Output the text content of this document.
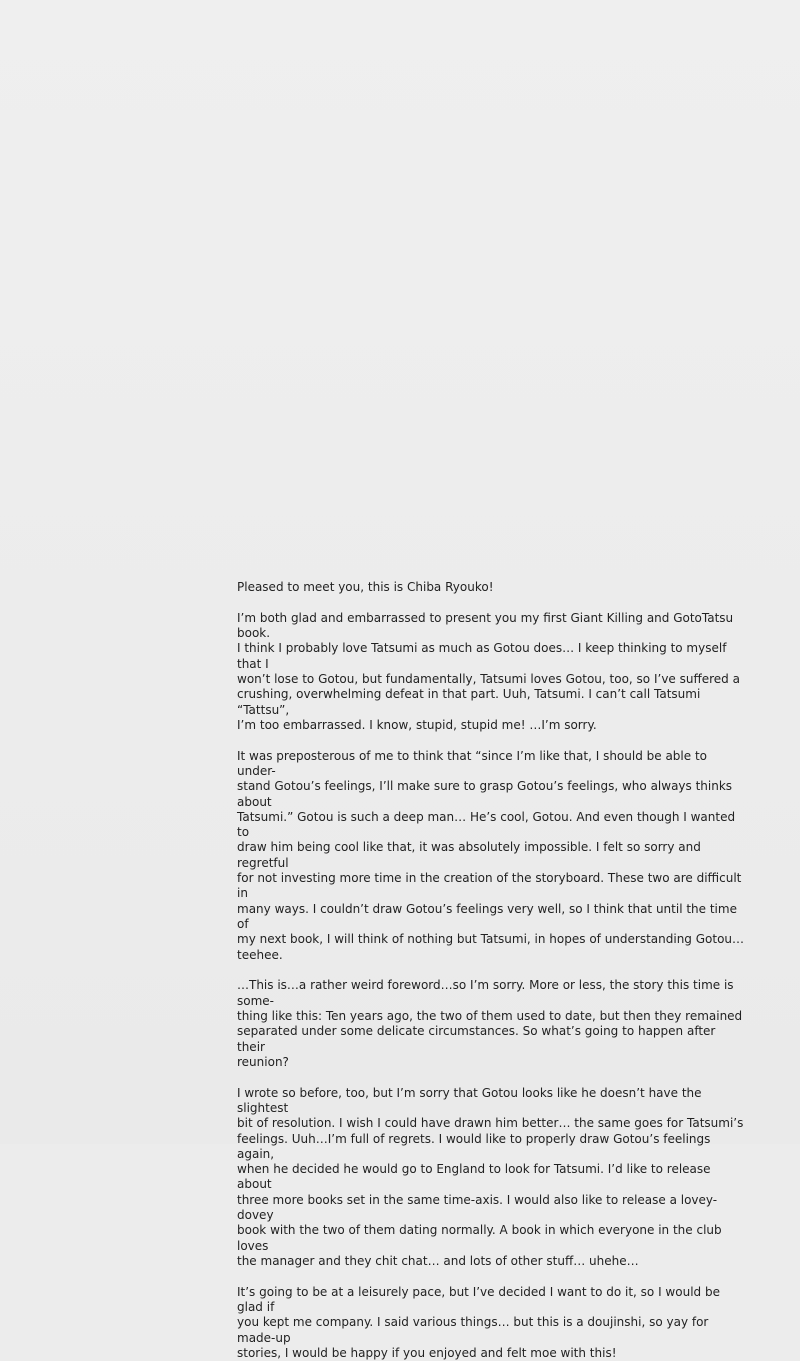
Pleased to meet you, this is Chiba Ryouko!

I’m both glad and embarrassed to present you my first Giant Killing and GotoTatsu book.
I think I probably love Tatsumi as much as Gotou does… I keep thinking to myself that I
won’t lose to Gotou, but fundamentally, Tatsumi loves Gotou, too, so I’ve suffered a
crushing, overwhelming defeat in that part. Uuh, Tatsumi. I can’t call Tatsumi “Tattsu”,
I’m too embarrassed. I know, stupid, stupid me! …I’m sorry.

It was preposterous of me to think that “since I’m like that, I should be able to under-
stand Gotou’s feelings, I’ll make sure to grasp Gotou’s feelings, who always thinks about
Tatsumi.” Gotou is such a deep man… He’s cool, Gotou. And even though I wanted to
draw him being cool like that, it was absolutely impossible. I felt so sorry and regretful
for not investing more time in the creation of the storyboard. These two are difficult in
many ways. I couldn’t draw Gotou’s feelings very well, so I think that until the time of
my next book, I will think of nothing but Tatsumi, in hopes of understanding Gotou…
teehee.

…This is…a rather weird foreword…so I’m sorry. More or less, the story this time is some-
thing like this: Ten years ago, the two of them used to date, but then they remained
separated under some delicate circumstances. So what’s going to happen after their
reunion?

I wrote so before, too, but I’m sorry that Gotou looks like he doesn’t have the slightest
bit of resolution. I wish I could have drawn him better… the same goes for Tatsumi’s
feelings. Uuh…I’m full of regrets. I would like to properly draw Gotou’s feelings again,
when he decided he would go to England to look for Tatsumi. I’d like to release about
three more books set in the same time-axis. I would also like to release a lovey-dovey
book with the two of them dating normally. A book in which everyone in the club loves
the manager and they chit chat… and lots of other stuff… uhehe…

It’s going to be at a leisurely pace, but I’ve decided I want to do it, so I would be glad if
you kept me company. I said various things… but this is a doujinshi, so yay for made-up
stories, I would be happy if you enjoyed and felt moe with this!
